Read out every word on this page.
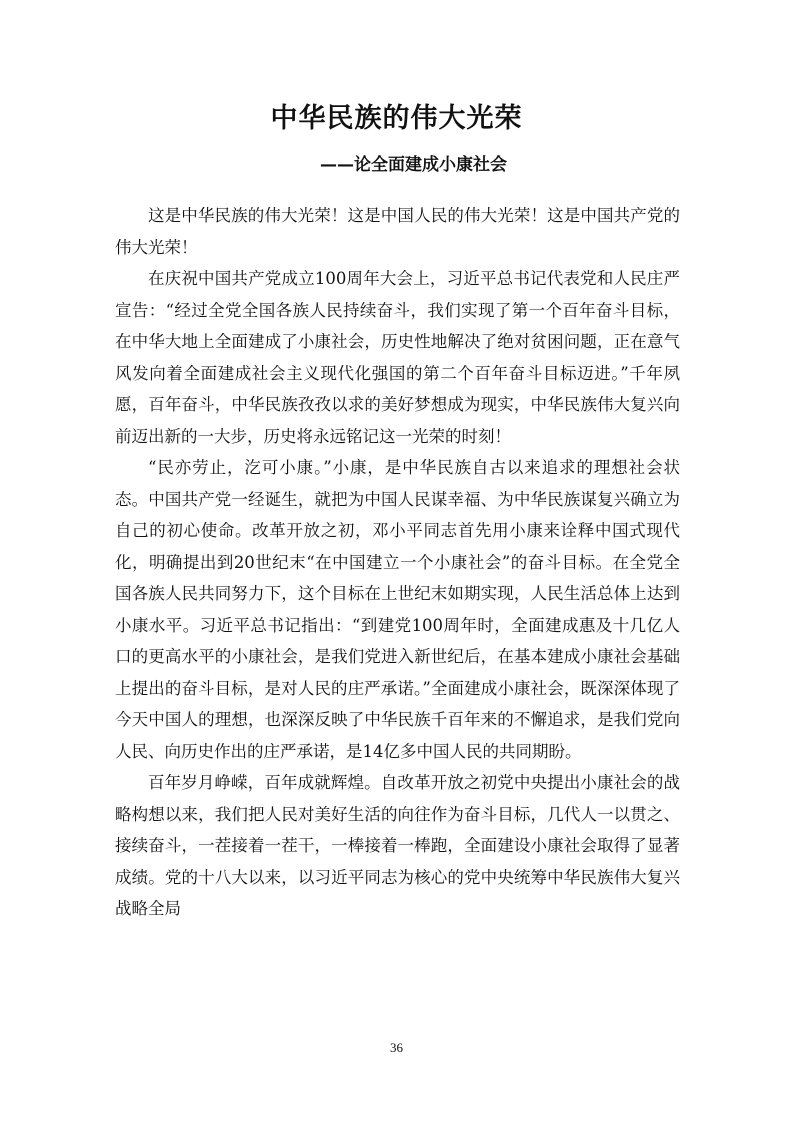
中华民族的伟大光荣
——论全面建成小康社会

这是中华民族的伟大光荣！这是中国人民的伟大光荣！这是中国共产党的伟大光荣！

在庆祝中国共产党成立100周年大会上，习近平总书记代表党和人民庄严宣告：“经过全党全国各族人民持续奋斗，我们实现了第一个百年奋斗目标，在中华大地上全面建成了小康社会，历史性地解决了绝对贫困问题，正在意气风发向着全面建成社会主义现代化强国的第二个百年奋斗目标迈进。”千年夙愿，百年奋斗，中华民族孜孜以求的美好梦想成为现实，中华民族伟大复兴向前迈出新的一大步，历史将永远铭记这一光荣的时刻！

“民亦劳止，汔可小康。”小康，是中华民族自古以来追求的理想社会状态。中国共产党一经诞生，就把为中国人民谋幸福、为中华民族谋复兴确立为自己的初心使命。改革开放之初，邓小平同志首先用小康来诠释中国式现代化，明确提出到20世纪末“在中国建立一个小康社会”的奋斗目标。在全党全国各族人民共同努力下，这个目标在上世纪末如期实现，人民生活总体上达到小康水平。习近平总书记指出：“到建党100周年时，全面建成惠及十几亿人口的更高水平的小康社会，是我们党进入新世纪后，在基本建成小康社会基础上提出的奋斗目标，是对人民的庄严承诺。”全面建成小康社会，既深深体现了今天中国人的理想，也深深反映了中华民族千百年来的不懈追求，是我们党向人民、向历史作出的庄严承诺，是14亿多中国人民的共同期盼。

百年岁月峥嵘，百年成就辉煌。自改革开放之初党中央提出小康社会的战略构想以来，我们把人民对美好生活的向往作为奋斗目标，几代人一以贯之、接续奋斗，一茬接着一茬干，一棒接着一棒跑，全面建设小康社会取得了显著成绩。党的十八大以来，以习近平同志为核心的党中央统筹中华民族伟大复兴战略全局

36
